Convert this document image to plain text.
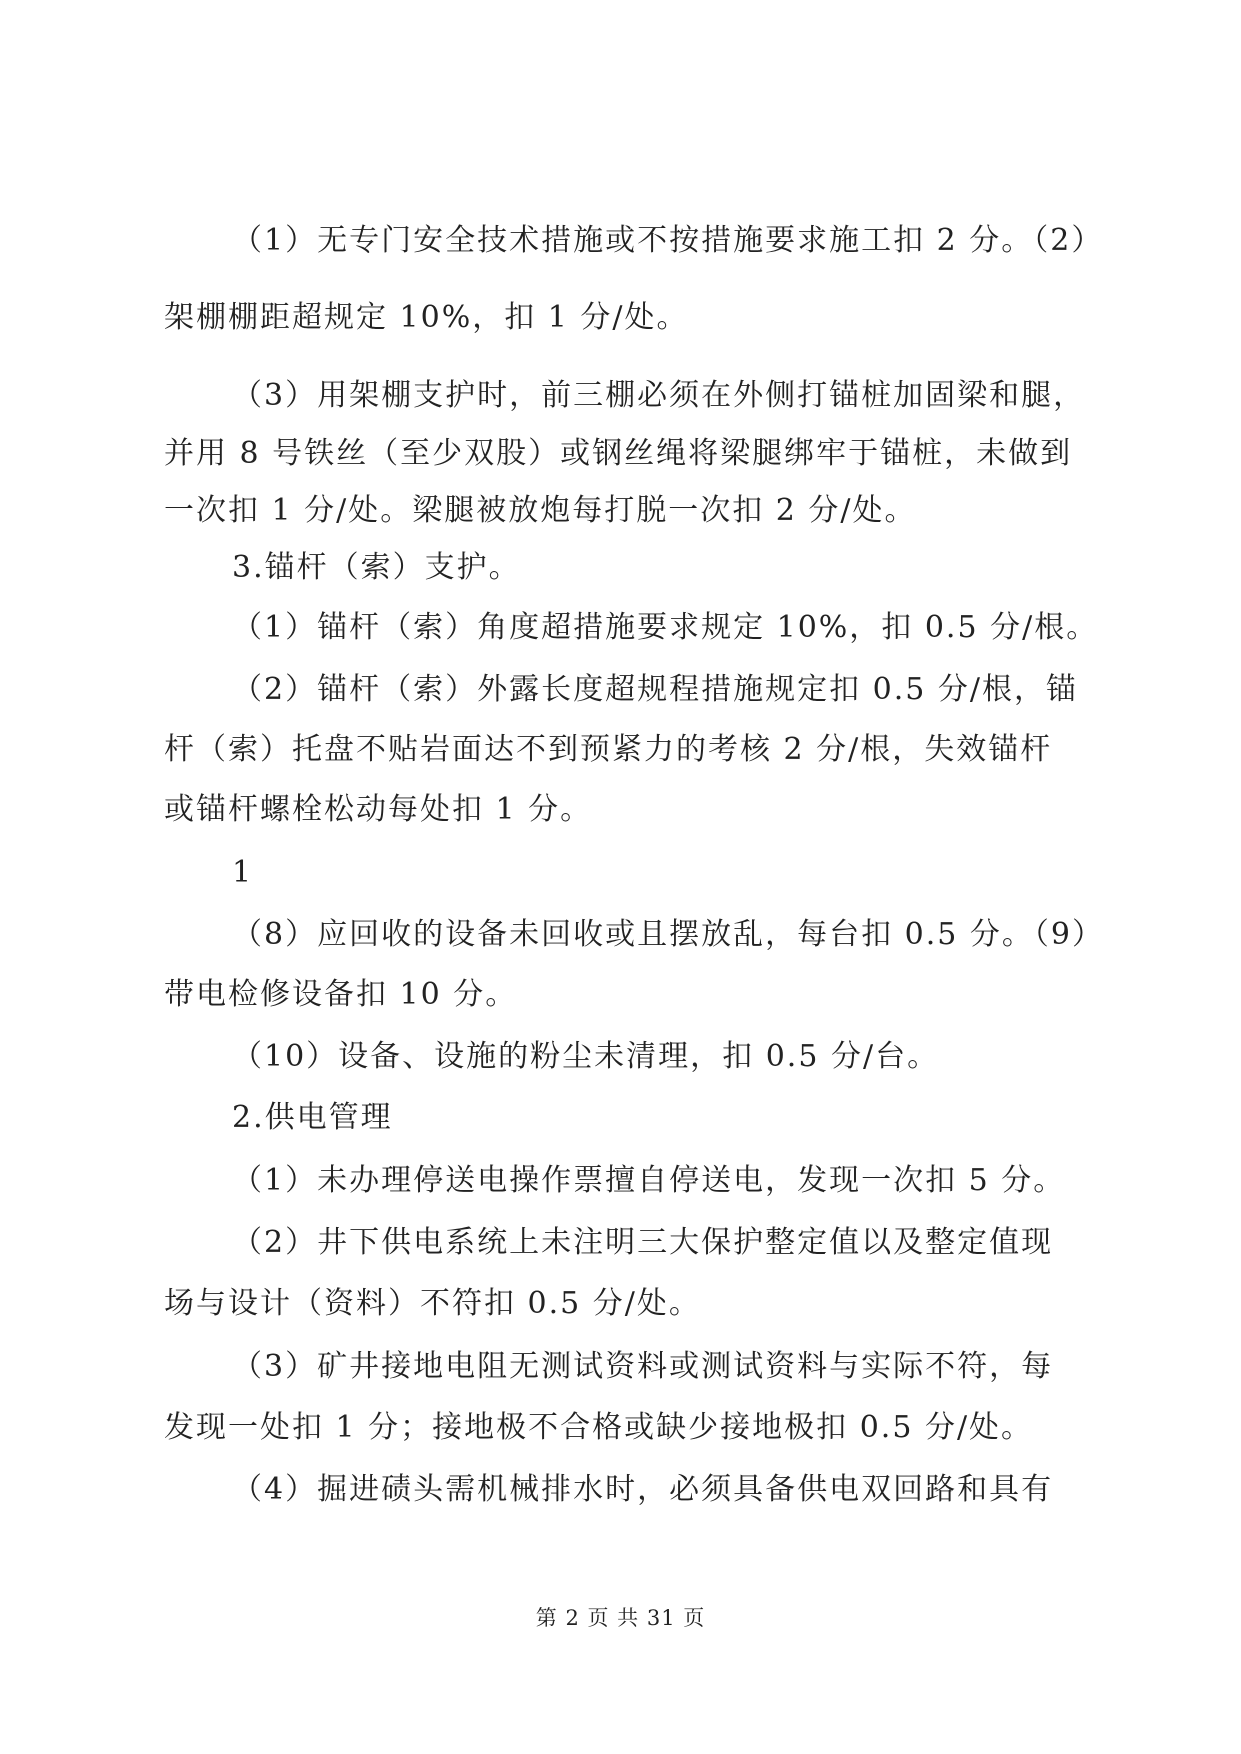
（1）无专门安全技术措施或不按措施要求施工扣 2 分。（2）
架棚棚距超规定 10%，扣 1 分/处。
（3）用架棚支护时，前三棚必须在外侧打锚桩加固梁和腿，
并用 8 号铁丝（至少双股）或钢丝绳将梁腿绑牢于锚桩，未做到
一次扣 1 分/处。梁腿被放炮每打脱一次扣 2 分/处。
3.锚杆（索）支护。
（1）锚杆（索）角度超措施要求规定 10%，扣 0.5 分/根。
（2）锚杆（索）外露长度超规程措施规定扣 0.5 分/根，锚
杆（索）托盘不贴岩面达不到预紧力的考核 2 分/根，失效锚杆
或锚杆螺栓松动每处扣 1 分。
1
（8）应回收的设备未回收或且摆放乱，每台扣 0.5 分。（9）
带电检修设备扣 10 分。
（10）设备、设施的粉尘未清理，扣 0.5 分/台。
2.供电管理
（1）未办理停送电操作票擅自停送电，发现一次扣 5 分。
（2）井下供电系统上未注明三大保护整定值以及整定值现
场与设计（资料）不符扣 0.5 分/处。
（3）矿井接地电阻无测试资料或测试资料与实际不符，每
发现一处扣 1 分；接地极不合格或缺少接地极扣 0.5 分/处。
（4）掘进碛头需机械排水时，必须具备供电双回路和具有
第 2 页 共 31 页
